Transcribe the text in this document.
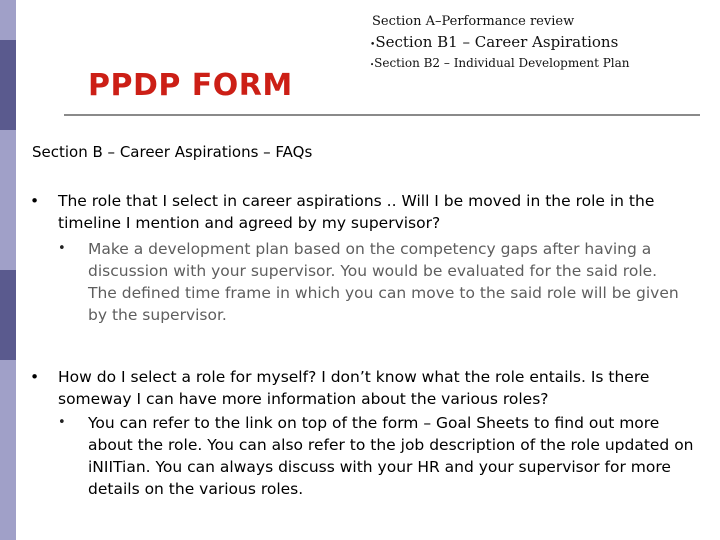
PPDP FORM

Section A–Performance review

•Section B1 – Career Aspirations

•Section B2 – Individual Development Plan

Section B – Career Aspirations – FAQs

•	The role that I select in career aspirations .. Will I be moved in the role in the timeline I mention and agreed by my supervisor?
• Make a development plan based on the competency gaps after having a discussion with your supervisor. You would be evaluated for the said role. The defined time frame in which you can move to the said role will be given by the supervisor.
•	How do I select a role for myself? I don’t know what the role entails. Is there someway I can have more information about the various roles?
• You can refer to the link on top of the form – Goal Sheets to find out more about the role. You can also refer to the job description of the role updated on iNIITian. You can always discuss with your HR and your supervisor for more details on the various roles.
